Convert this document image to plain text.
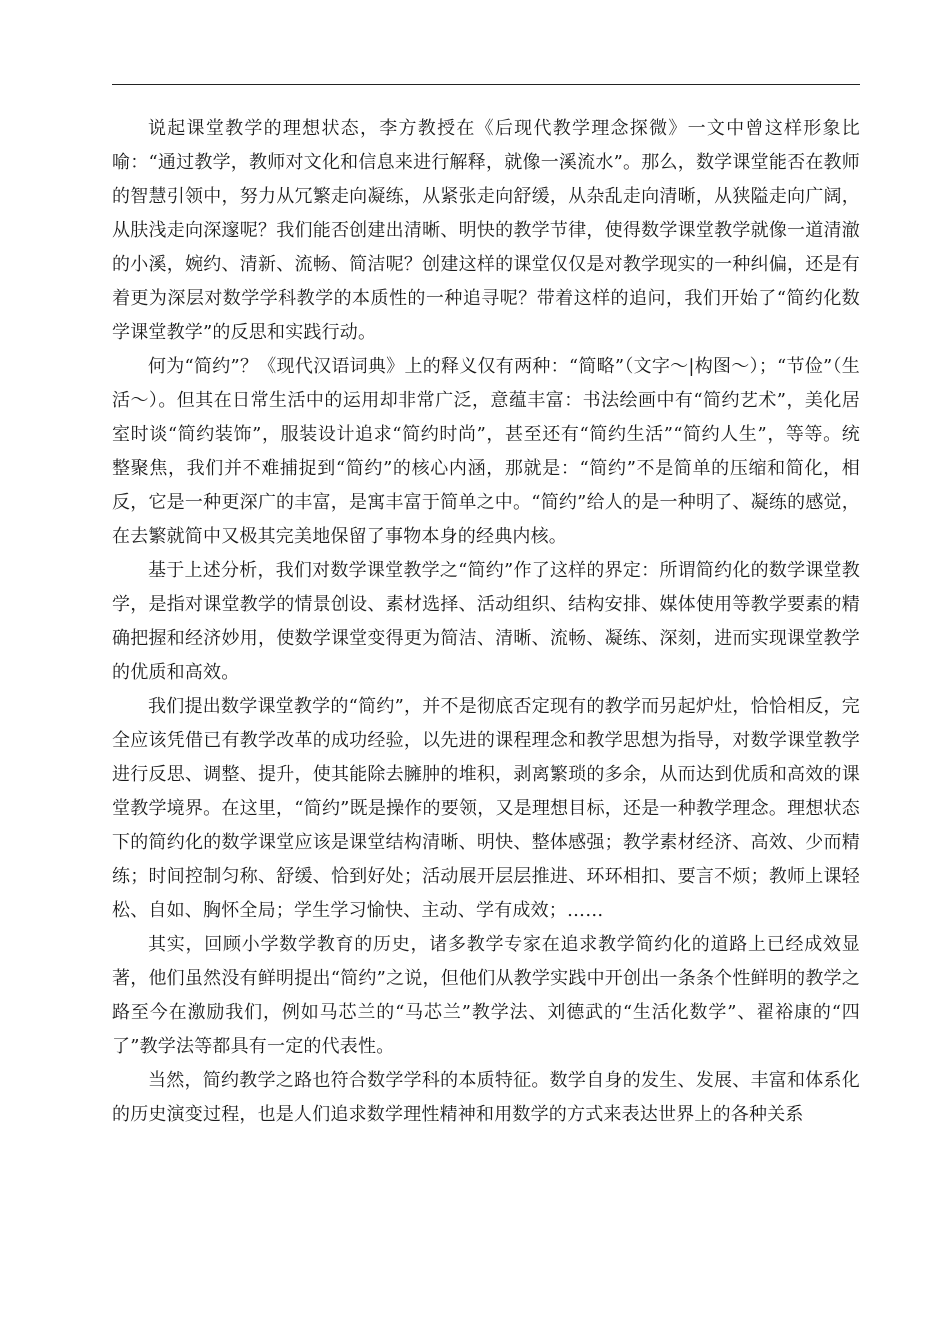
说起课堂教学的理想状态，李方教授在《后现代教学理念探微》一文中曾这样形象比喻：“通过教学，教师对文化和信息来进行解释，就像一溪流水”。那么，数学课堂能否在教师的智慧引领中，努力从冗繁走向凝练，从紧张走向舒缓，从杂乱走向清晰，从狭隘走向广阔，从肤浅走向深邃呢？我们能否创建出清晰、明快的教学节律，使得数学课堂教学就像一道清澈的小溪，婉约、清新、流畅、简洁呢？创建这样的课堂仅仅是对教学现实的一种纠偏，还是有着更为深层对数学学科教学的本质性的一种追寻呢？带着这样的追问，我们开始了“简约化数学课堂教学”的反思和实践行动。

何为“简约”？《现代汉语词典》上的释义仅有两种：“简略”（文字～|构图～）；“节俭”（生活～）。但其在日常生活中的运用却非常广泛，意蕴丰富：书法绘画中有“简约艺术”，美化居室时谈“简约装饰”，服装设计追求“简约时尚”，甚至还有“简约生活”“简约人生”，等等。统整聚焦，我们并不难捕捉到“简约”的核心内涵，那就是：“简约”不是简单的压缩和简化，相反，它是一种更深广的丰富，是寓丰富于简单之中。“简约”给人的是一种明了、凝练的感觉，在去繁就简中又极其完美地保留了事物本身的经典内核。

基于上述分析，我们对数学课堂教学之“简约”作了这样的界定：所谓简约化的数学课堂教学，是指对课堂教学的情景创设、素材选择、活动组织、结构安排、媒体使用等教学要素的精确把握和经济妙用，使数学课堂变得更为简洁、清晰、流畅、凝练、深刻，进而实现课堂教学的优质和高效。

我们提出数学课堂教学的“简约”，并不是彻底否定现有的教学而另起炉灶，恰恰相反，完全应该凭借已有教学改革的成功经验，以先进的课程理念和教学思想为指导，对数学课堂教学进行反思、调整、提升，使其能除去臃肿的堆积，剥离繁琐的多余，从而达到优质和高效的课堂教学境界。在这里，“简约”既是操作的要领，又是理想目标，还是一种教学理念。理想状态下的简约化的数学课堂应该是课堂结构清晰、明快、整体感强；教学素材经济、高效、少而精练；时间控制匀称、舒缓、恰到好处；活动展开层层推进、环环相扣、要言不烦；教师上课轻松、自如、胸怀全局；学生学习愉快、主动、学有成效；……

其实，回顾小学数学教育的历史，诸多教学专家在追求教学简约化的道路上已经成效显著，他们虽然没有鲜明提出“简约”之说，但他们从教学实践中开创出一条条个性鲜明的教学之路至今在激励我们，例如马芯兰的“马芯兰”教学法、刘德武的“生活化数学”、翟裕康的“四了”教学法等都具有一定的代表性。

当然，简约教学之路也符合数学学科的本质特征。数学自身的发生、发展、丰富和体系化的历史演变过程，也是人们追求数学理性精神和用数学的方式来表达世界上的各种关系
